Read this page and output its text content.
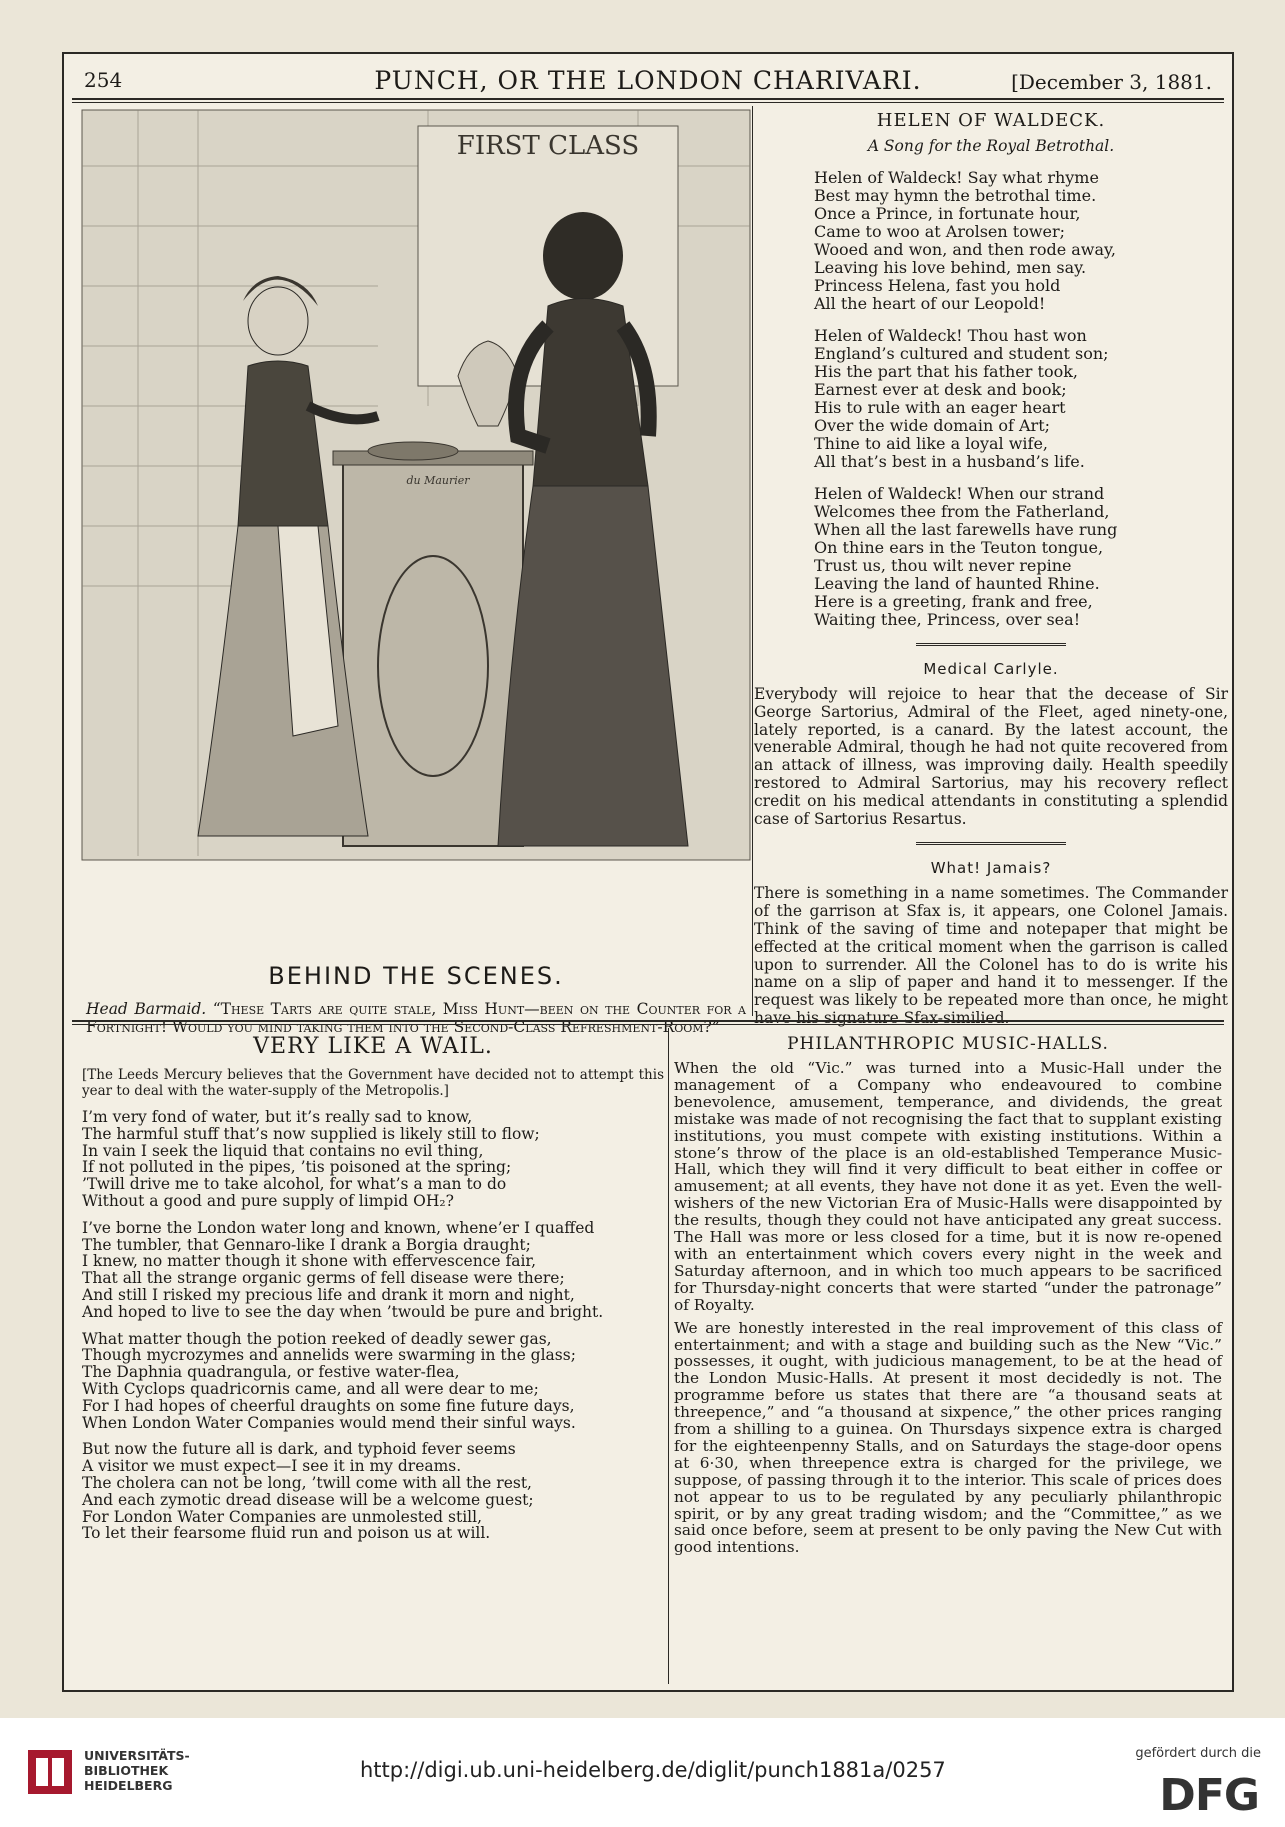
254	PUNCH, OR THE LONDON CHARIVARI.	[December 3, 1881.
FIRST CLASS
du Maurier
BEHIND THE SCENES.
Head Barmaid. “These Tarts are quite stale, Miss Hunt—been on the Counter for a Fortnight! Would you mind taking them into the Second-Class Refreshment-Room?”
HELEN OF WALDECK.
A Song for the Royal Betrothal.
Helen of Waldeck! Say what rhyme
Best may hymn the betrothal time.
Once a Prince, in fortunate hour,
Came to woo at Arolsen tower;
Wooed and won, and then rode away,
Leaving his love behind, men say.
Princess Helena, fast you hold
All the heart of our Leopold!
Helen of Waldeck! Thou hast won
England’s cultured and student son;
His the part that his father took,
Earnest ever at desk and book;
His to rule with an eager heart
Over the wide domain of Art;
Thine to aid like a loyal wife,
All that’s best in a husband’s life.
Helen of Waldeck! When our strand
Welcomes thee from the Fatherland,
When all the last farewells have rung
On thine ears in the Teuton tongue,
Trust us, thou wilt never repine
Leaving the land of haunted Rhine.
Here is a greeting, frank and free,
Waiting thee, Princess, over sea!
Medical Carlyle.
Everybody will rejoice to hear that the decease of Sir George Sartorius, Admiral of the Fleet, aged ninety-one, lately reported, is a canard. By the latest account, the venerable Admiral, though he had not quite recovered from an attack of illness, was improving daily. Health speedily restored to Admiral Sartorius, may his recovery reflect credit on his medical attendants in constituting a splendid case of Sartorius Resartus.
What! Jamais?
There is something in a name sometimes. The Commander of the garrison at Sfax is, it appears, one Colonel Jamais. Think of the saving of time and notepaper that might be effected at the critical moment when the garrison is called upon to surrender. All the Colonel has to do is write his name on a slip of paper and hand it to messenger. If the request was likely to be repeated more than once, he might have his signature Sfax-similied.
VERY LIKE A WAIL.
[The Leeds Mercury believes that the Government have decided not to attempt this year to deal with the water-supply of the Metropolis.]
I’m very fond of water, but it’s really sad to know,
The harmful stuff that’s now supplied is likely still to flow;
In vain I seek the liquid that contains no evil thing,
If not polluted in the pipes, ’tis poisoned at the spring;
’Twill drive me to take alcohol, for what’s a man to do
Without a good and pure supply of limpid OH₂?
I’ve borne the London water long and known, whene’er I quaffed
The tumbler, that Gennaro-like I drank a Borgia draught;
I knew, no matter though it shone with effervescence fair,
That all the strange organic germs of fell disease were there;
And still I risked my precious life and drank it morn and night,
And hoped to live to see the day when ’twould be pure and bright.
What matter though the potion reeked of deadly sewer gas,
Though mycrozymes and annelids were swarming in the glass;
The Daphnia quadrangula, or festive water-flea,
With Cyclops quadricornis came, and all were dear to me;
For I had hopes of cheerful draughts on some fine future days,
When London Water Companies would mend their sinful ways.
But now the future all is dark, and typhoid fever seems
A visitor we must expect—I see it in my dreams.
The cholera can not be long, ’twill come with all the rest,
And each zymotic dread disease will be a welcome guest;
For London Water Companies are unmolested still,
To let their fearsome fluid run and poison us at will.
PHILANTHROPIC MUSIC-HALLS.
When the old “Vic.” was turned into a Music-Hall under the management of a Company who endeavoured to combine benevolence, amusement, temperance, and dividends, the great mistake was made of not recognising the fact that to supplant existing institutions, you must compete with existing institutions. Within a stone’s throw of the place is an old-established Temperance Music-Hall, which they will find it very difficult to beat either in coffee or amusement; at all events, they have not done it as yet. Even the well-wishers of the new Victorian Era of Music-Halls were disappointed by the results, though they could not have anticipated any great success. The Hall was more or less closed for a time, but it is now re-opened with an entertainment which covers every night in the week and Saturday afternoon, and in which too much appears to be sacrificed for Thursday-night concerts that were started “under the patronage” of Royalty.
We are honestly interested in the real improvement of this class of entertainment; and with a stage and building such as the New “Vic.” possesses, it ought, with judicious management, to be at the head of the London Music-Halls. At present it most decidedly is not. The programme before us states that there are “a thousand seats at threepence,” and “a thousand at sixpence,” the other prices ranging from a shilling to a guinea. On Thursdays sixpence extra is charged for the eighteenpenny Stalls, and on Saturdays the stage-door opens at 6·30, when threepence extra is charged for the privilege, we suppose, of passing through it to the interior. This scale of prices does not appear to us to be regulated by any peculiarly philanthropic spirit, or by any great trading wisdom; and the “Committee,” as we said once before, seem at present to be only paving the New Cut with good intentions.
UNIVERSITÄTS-
BIBLIOTHEK
HEIDELBERG
http://digi.ub.uni-heidelberg.de/diglit/punch1881a/0257
gefördert durch die
DFG
